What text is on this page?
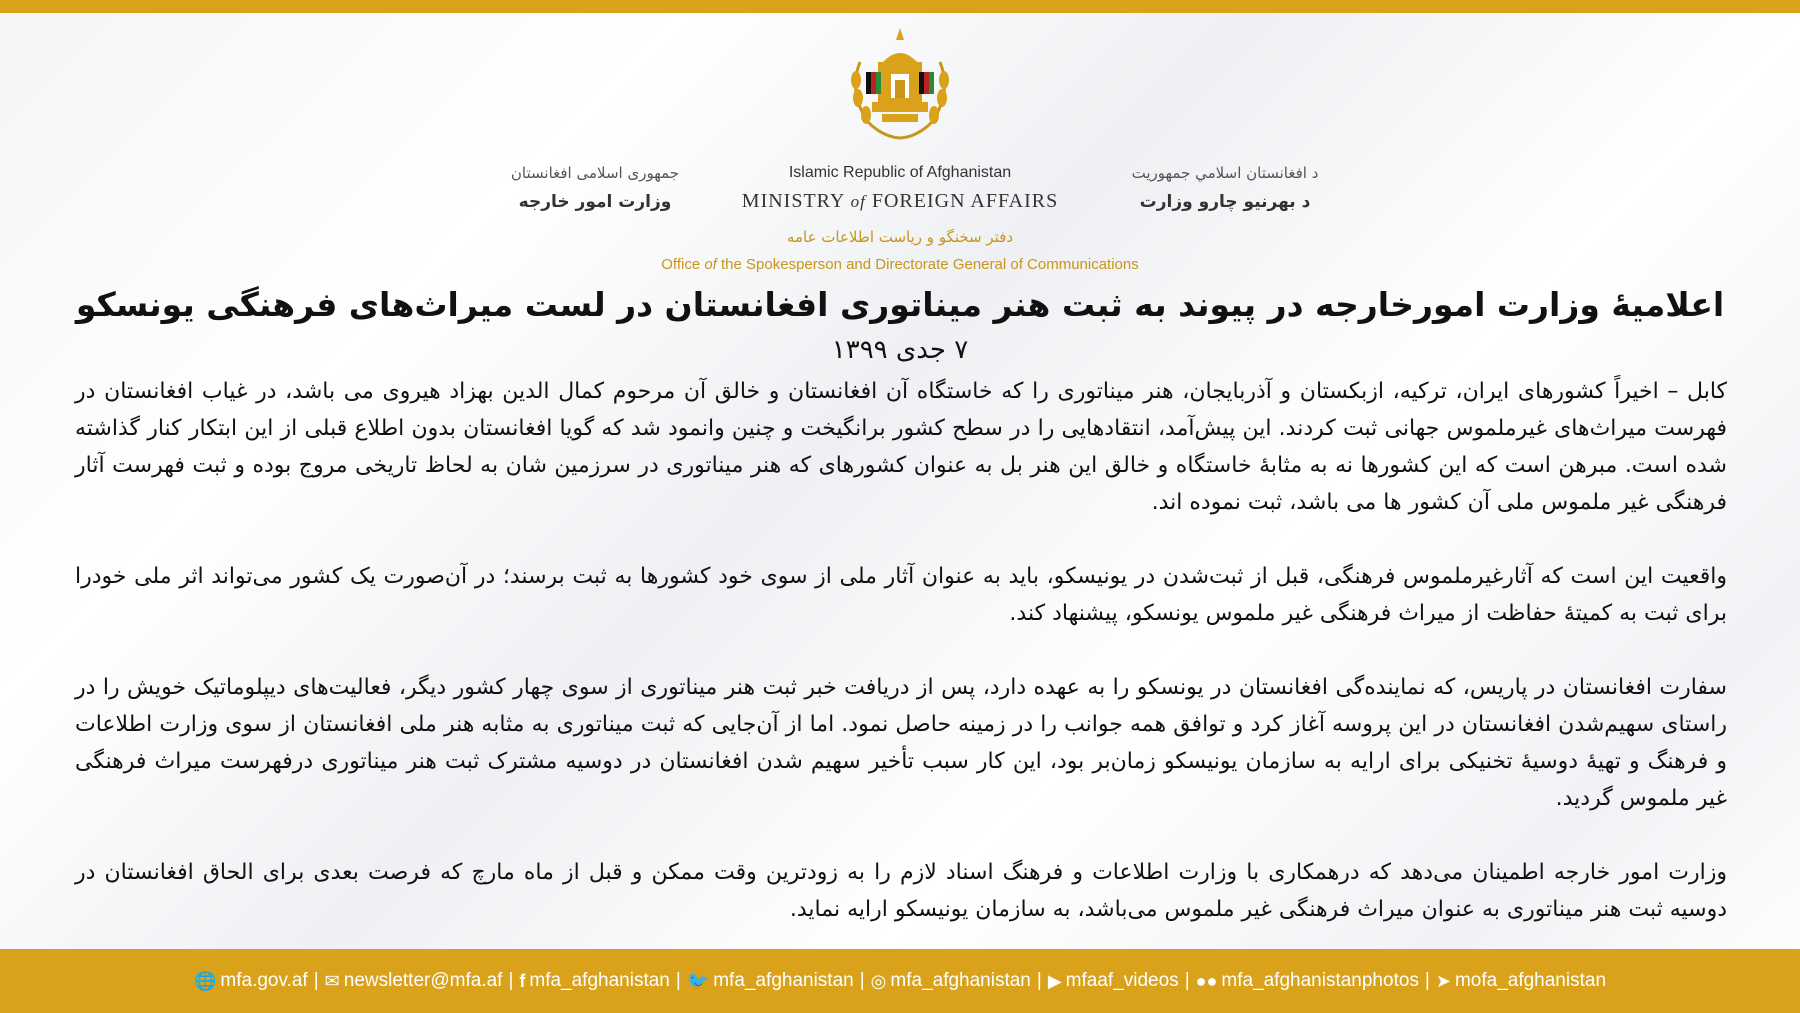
د افغانستان اسلامي جمهوريت
د بهرنيو چارو وزارت
Islamic Republic of Afghanistan
MINISTRY of FOREIGN AFFAIRS
جمهوری اسلامی افغانستان
وزارت امور خارجه
دفتر سخنگو و ریاست اطلاعات عامه
Office of the Spokesperson and Directorate General of Communications
اعلامیۀ وزارت امورخارجه در پیوند به ثبت هنر میناتوری افغانستان در لست میراث‌های فرهنگی یونسکو
۷ جدی ۱۳۹۹

کابل – اخیراً کشورهای ایران، ترکیه، ازبکستان و آذربایجان، هنر میناتوری را که خاستگاه آن افغانستان و خالق آن مرحوم کمال الدین بهزاد هیروی می باشد، در غیاب افغانستان در فهرست میراث‌های غیرملموس جهانی ثبت کردند. این پیش‌آمد، انتقادهایی را در سطح کشور برانگیخت و چنین وانمود شد که گویا افغانستان بدون اطلاع قبلی از این ابتکار کنار گذاشته شده است. مبرهن است که این کشورها نه به مثابۀ خاستگاه و خالق این هنر بل به عنوان کشورهای که هنر میناتوری در سرزمین شان به لحاظ تاریخی مروج بوده و ثبت فهرست آثار فرهنگی غیر ملموس ملی آن کشور ها می باشد، ثبت نموده اند.

واقعیت این است که آثارغیرملموس فرهنگی، قبل از ثبت‌شدن در یونیسکو، باید به عنوان آثار ملی از سوی خود کشورها به ثبت برسند؛ در آن‌صورت یک کشور می‌تواند اثر ملی خودرا برای ثبت به کمیتۀ حفاظت از میراث فرهنگی غیر ملموس یونسکو، پیشنهاد کند.

سفارت افغانستان در پاریس، که نماینده‌گی افغانستان در یونسکو را به عهده دارد، پس از دریافت خبر ثبت هنر میناتوری از سوی چهار کشور دیگر، فعالیت‌های دیپلوماتیک خویش را در راستای سهیم‌شدن افغانستان در این پروسه آغاز کرد و توافق همه جوانب را در زمینه حاصل نمود. اما از آن‌جایی که ثبت میناتوری به مثابه هنر ملی افغانستان از سوی وزارت اطلاعات و فرهنگ و تهیۀ دوسیۀ تخنیکی برای ارایه به سازمان یونیسکو زمان‌بر بود، این کار سبب تأخیر سهیم شدن افغانستان در دوسیه مشترک ثبت هنر میناتوری درفهرست میراث فرهنگی غیر ملموس گردید.

وزارت امور خارجه اطمینان می‌دهد که درهمکاری با وزارت اطلاعات و فرهنگ اسناد لازم را به زودترین وقت ممکن و قبل از ماه مارچ که فرصت بعدی برای الحاق افغانستان در دوسیه ثبت هنر میناتوری به عنوان میراث فرهنگی غیر ملموس می‌باشد، به سازمان یونیسکو ارایه نماید.

🌐 mfa.gov.af | ✉ newsletter@mfa.af | f mfa_afghanistan | 🐦 mfa_afghanistan | ◎ mfa_afghanistan | ▶ mfaaf_videos | ●● mfa_afghanistanphotos | ➤ mofa_afghanistan
